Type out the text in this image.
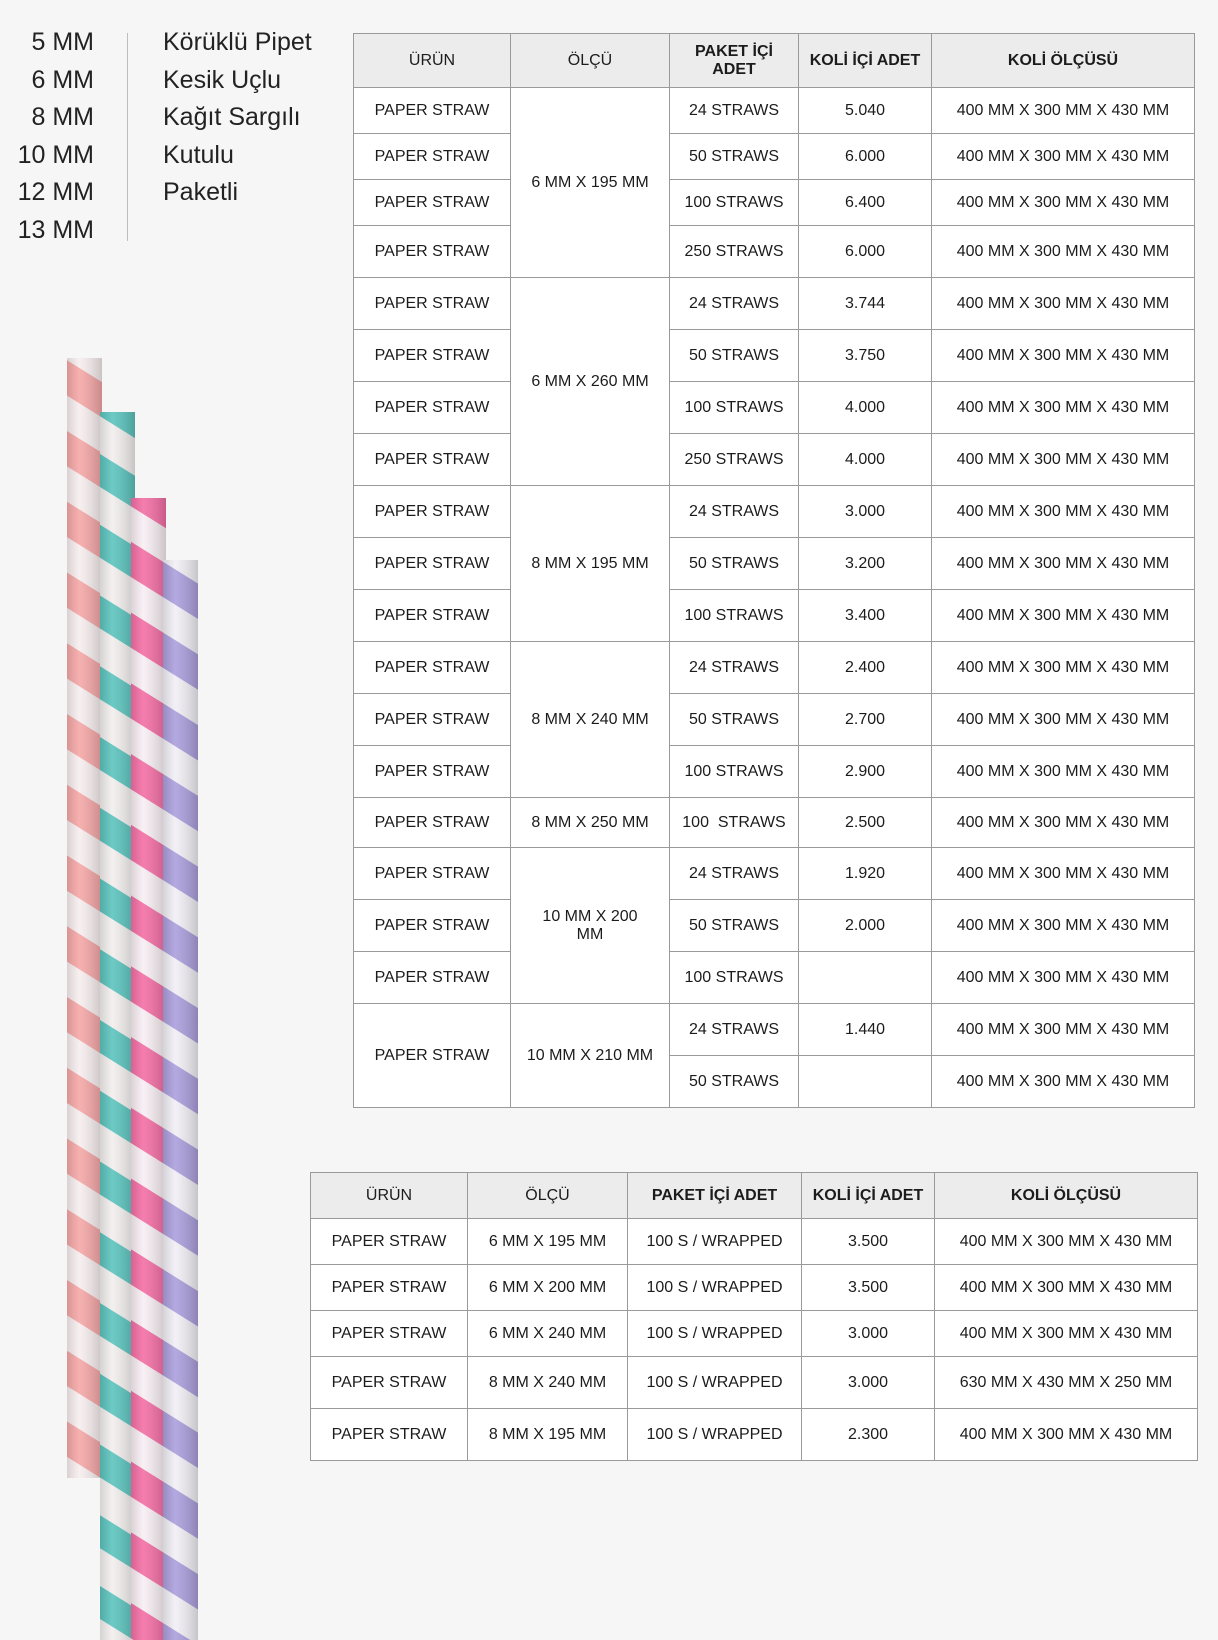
5 MM
6 MM
8 MM
10 MM
12 MM
13 MM
Körüklü Pipet
Kesik Uçlu
Kağıt Sargılı
Kutulu
Paketli
ÜRÜN	ÖLÇÜ	PAKET İÇİ ADET	KOLİ İÇİ ADET	KOLİ ÖLÇÜSÜ
PAPER STRAW	6 MM X 195 MM	24 STRAWS	5.040	400 MM X 300 MM X 430 MM
PAPER STRAW		50 STRAWS	6.000	400 MM X 300 MM X 430 MM
PAPER STRAW		100 STRAWS	6.400	400 MM X 300 MM X 430 MM
PAPER STRAW		250 STRAWS	6.000	400 MM X 300 MM X 430 MM
PAPER STRAW	6 MM X 260 MM	24 STRAWS	3.744	400 MM X 300 MM X 430 MM
PAPER STRAW		50 STRAWS	3.750	400 MM X 300 MM X 430 MM
PAPER STRAW		100 STRAWS	4.000	400 MM X 300 MM X 430 MM
PAPER STRAW		250 STRAWS	4.000	400 MM X 300 MM X 430 MM
PAPER STRAW	8 MM X 195 MM	24 STRAWS	3.000	400 MM X 300 MM X 430 MM
PAPER STRAW		50 STRAWS	3.200	400 MM X 300 MM X 430 MM
PAPER STRAW		100 STRAWS	3.400	400 MM X 300 MM X 430 MM
PAPER STRAW	8 MM X 240 MM	24 STRAWS	2.400	400 MM X 300 MM X 430 MM
PAPER STRAW		50 STRAWS	2.700	400 MM X 300 MM X 430 MM
PAPER STRAW		100 STRAWS	2.900	400 MM X 300 MM X 430 MM
PAPER STRAW	8 MM X 250 MM	100  STRAWS	2.500	400 MM X 300 MM X 430 MM
PAPER STRAW	10 MM X 200 MM	24 STRAWS	1.920	400 MM X 300 MM X 430 MM
PAPER STRAW		50 STRAWS	2.000	400 MM X 300 MM X 430 MM
PAPER STRAW		100 STRAWS		400 MM X 300 MM X 430 MM
PAPER STRAW	10 MM X 210 MM	24 STRAWS	1.440	400 MM X 300 MM X 430 MM
		50 STRAWS		400 MM X 300 MM X 430 MM
ÜRÜN	ÖLÇÜ	PAKET İÇİ ADET	KOLİ İÇİ ADET	KOLİ ÖLÇÜSÜ
PAPER STRAW	6 MM X 195 MM	100 S / WRAPPED	3.500	400 MM X 300 MM X 430 MM
PAPER STRAW	6 MM X 200 MM	100 S / WRAPPED	3.500	400 MM X 300 MM X 430 MM
PAPER STRAW	6 MM X 240 MM	100 S / WRAPPED	3.000	400 MM X 300 MM X 430 MM
PAPER STRAW	8 MM X 240 MM	100 S / WRAPPED	3.000	630 MM X 430 MM X 250 MM
PAPER STRAW	8 MM X 195 MM	100 S / WRAPPED	2.300	400 MM X 300 MM X 430 MM
